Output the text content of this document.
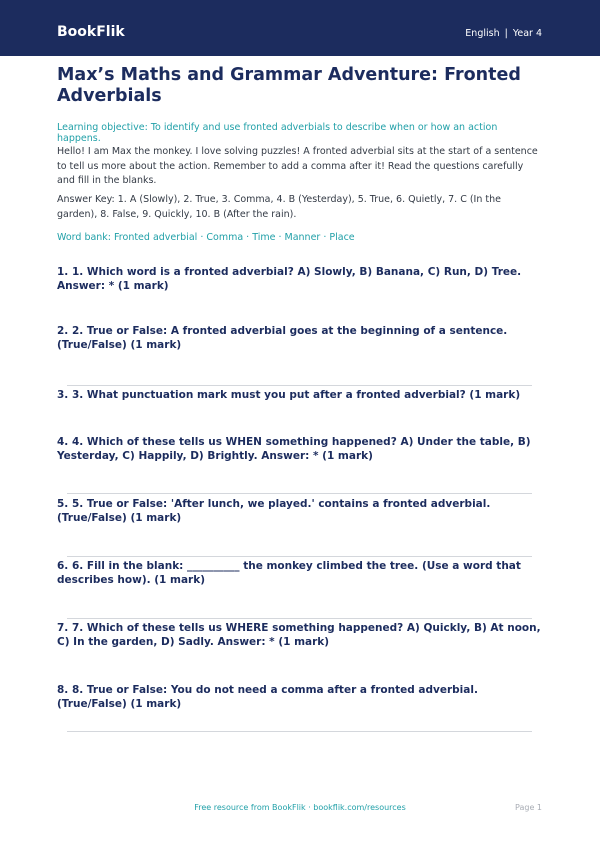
BookFlik	English | Year 4
Max’s Maths and Grammar Adventure: Fronted Adverbials
Learning objective: To identify and use fronted adverbials to describe when or how an action happens.
Hello! I am Max the monkey. I love solving puzzles! A fronted adverbial sits at the start of a sentence to tell us more about the action. Remember to add a comma after it! Read the questions carefully and fill in the blanks.
Answer Key: 1. A (Slowly), 2. True, 3. Comma, 4. B (Yesterday), 5. True, 6. Quietly, 7. C (In the garden), 8. False, 9. Quickly, 10. B (After the rain).
Word bank: Fronted adverbial · Comma · Time · Manner · Place
1. 1. Which word is a fronted adverbial? A) Slowly, B) Banana, C) Run, D) Tree. Answer: * (1 mark)
2. 2. True or False: A fronted adverbial goes at the beginning of a sentence. (True/False) (1 mark)
3. 3. What punctuation mark must you put after a fronted adverbial? (1 mark)
4. 4. Which of these tells us WHEN something happened? A) Under the table, B) Yesterday, C) Happily, D) Brightly. Answer: * (1 mark)
5. 5. True or False: 'After lunch, we played.' contains a fronted adverbial. (True/False) (1 mark)
6. 6. Fill in the blank: __________ the monkey climbed the tree. (Use a word that describes how). (1 mark)
7. 7. Which of these tells us WHERE something happened? A) Quickly, B) At noon, C) In the garden, D) Sadly. Answer: * (1 mark)
8. 8. True or False: You do not need a comma after a fronted adverbial. (True/False) (1 mark)
Free resource from BookFlik · bookflik.com/resources	Page 1
